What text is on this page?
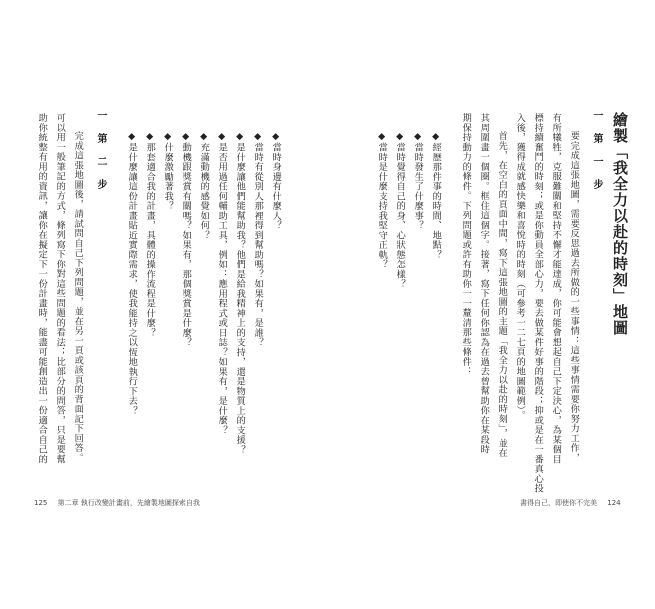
繪製「我全力以赴的時刻」地圖
一 第 一 步
要完成這張地圖，需要反思過去所做的一些事情：這些事情需要你努力工作，
有所犧牲，克服難關和堅持不懈才能達成，你可能會想起自己下定決心，為某個目
標持續奮鬥的時刻；或是你動員全部心力，要去做某件好事的階段；抑或是在一番真心投
入後，獲得成就感快樂和喜悅時的時刻（可參考一二七頁的地圖範例）。
首先，在空白的頁面中間，寫下這張地圖的主題「我全力以赴的時刻」，並在
其周圍畫一個圈。框住這個字。接著，寫下任何你認為在過去曾幫助你在某段時
期保持動力的條件。下列問題或許有助你一一釐清那些條件：
◆經歷那件事的時間、地點？
◆當時發生了什麼事？
◆當時覺得自己的身、心狀態怎樣？
◆當時是什麼支持我堅守正軌？
◆當時身邊有什麼人？
◆當時有從別人那裡得到幫助嗎？如果有，是誰？
◆是什麼讓他們能幫助我？他們是給我精神上的支持，還是物質上的支援？
◆是否用過任何輔助工具，例如：應用程式或日誌？如果有，是什麼？
◆充滿動機的感覺如何？
◆動機跟獎賞有關嗎？如果有，那個獎賞是什麼？
◆什麼激勵著我？
◆那套適合我的計畫，具體的操作流程是什麼？
◆是什麼讓這份計畫貼近實際需求，使我能持之以恆地執行下去？
一 第 二 步
完成這張地圖後，請試問自己下列問題，並在另一頁或該頁的背面記下回答。
可以用一般筆記的方式，條列寫下你對這些問題的看法；比部分的問答，只是要幫
助你統整有用的資訊，讓你在擬定下一份計畫時，能盡可能創造出一份適合自己的
125 第二章 執行改變計畫前，先繪製地圖探索自我	書得自己，即使你不完美 124
